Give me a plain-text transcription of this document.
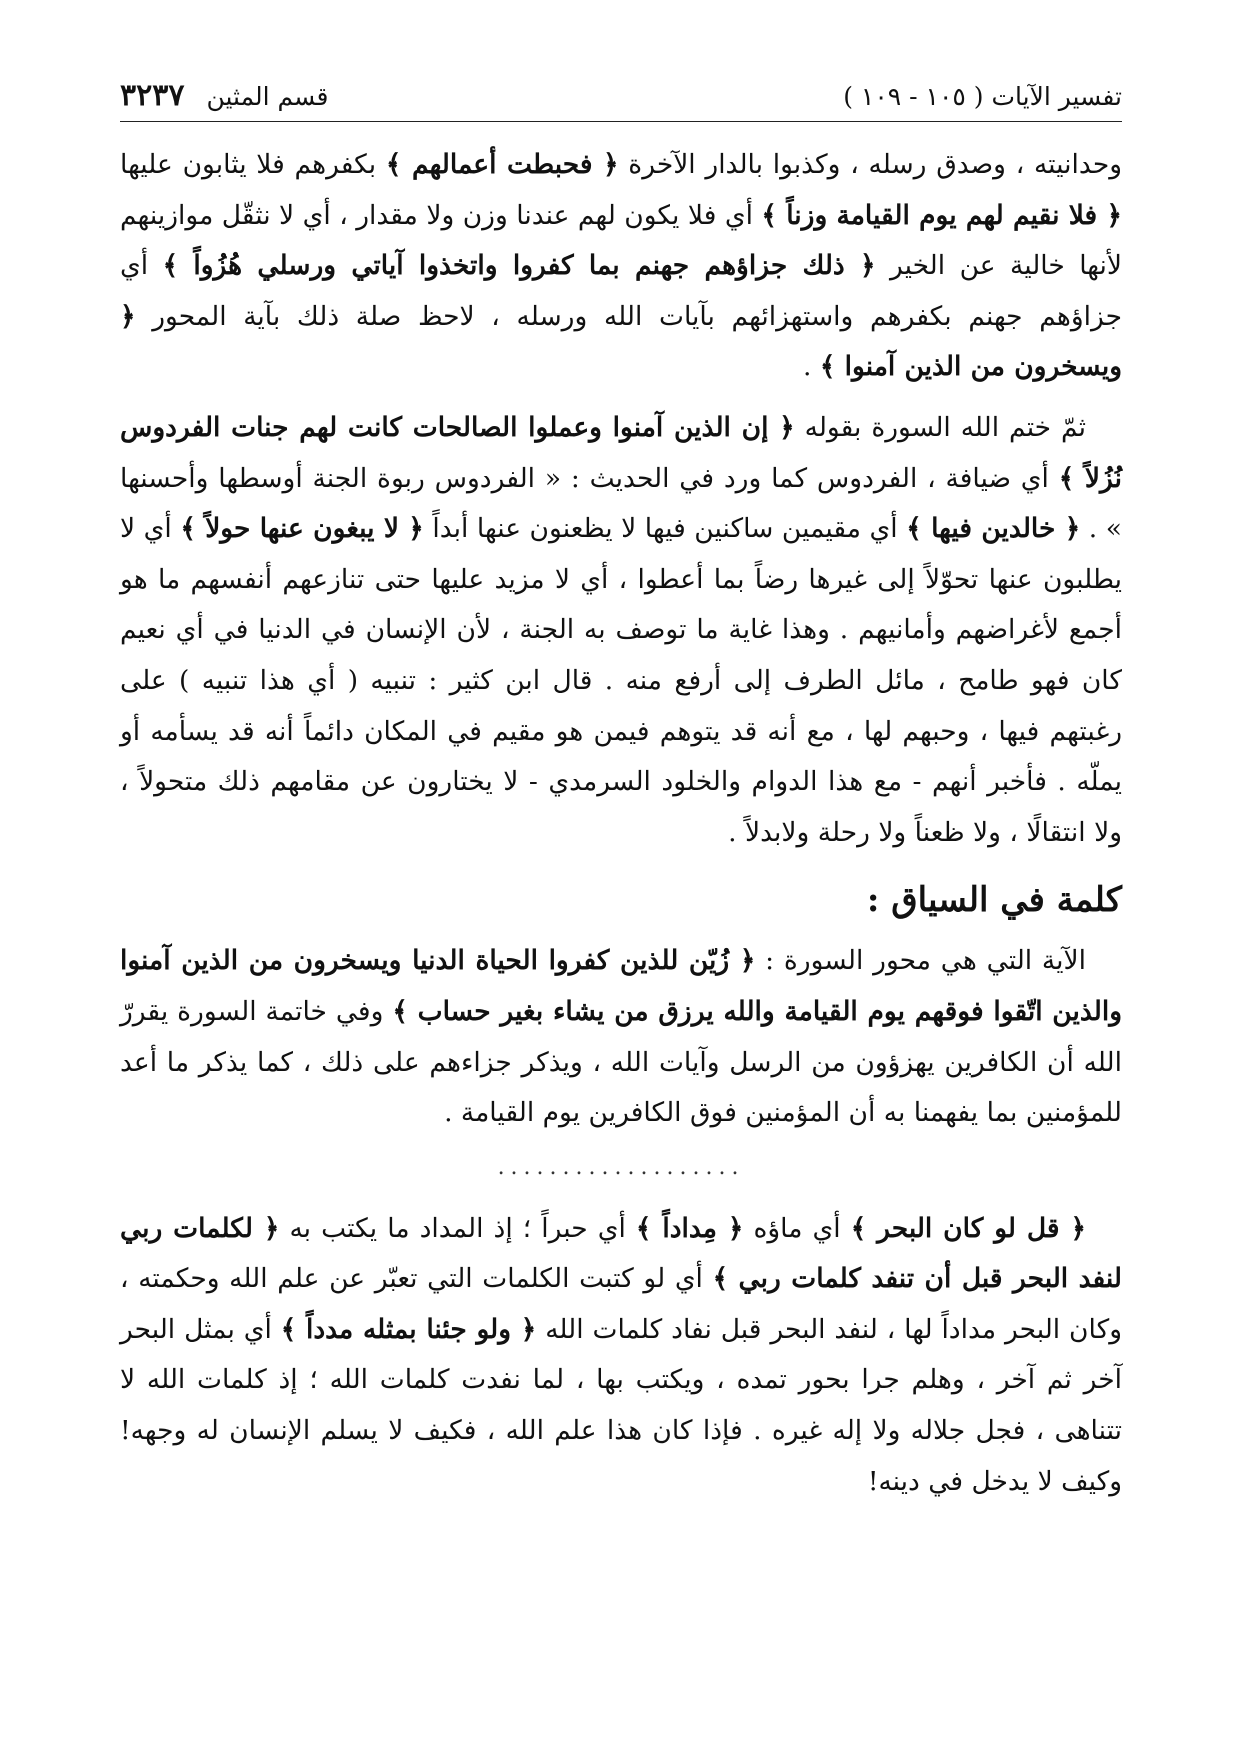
تفسير الآيات ( ١٠٥ - ١٠٩ )
قسم المثين
٣٢٣٧

وحدانيته ، وصدق رسله ، وكذبوا بالدار الآخرة ﴿ فحبطت أعمالهم ﴾ بكفرهم فلا يثابون عليها ﴿ فلا نقيم لهم يوم القيامة وزناً ﴾ أي فلا يكون لهم عندنا وزن ولا مقدار ، أي لا نثقّل موازينهم لأنها خالية عن الخير ﴿ ذلك جزاؤهم جهنم بما كفروا واتخذوا آياتي ورسلي هُزُواً ﴾ أي جزاؤهم جهنم بكفرهم واستهزائهم بآيات الله ورسله ، لاحظ صلة ذلك بآية المحور ﴿ ويسخرون من الذين آمنوا ﴾ .

ثمّ ختم الله السورة بقوله ﴿ إن الذين آمنوا وعملوا الصالحات كانت لهم جنات الفردوس نُزُلاً ﴾ أي ضيافة ، الفردوس كما ورد في الحديث : « الفردوس ربوة الجنة أوسطها وأحسنها » . ﴿ خالدين فيها ﴾ أي مقيمين ساكنين فيها لا يظعنون عنها أبداً ﴿ لا يبغون عنها حولاً ﴾ أي لا يطلبون عنها تحوّلاً إلى غيرها رضاً بما أعطوا ، أي لا مزيد عليها حتى تنازعهم أنفسهم ما هو أجمع لأغراضهم وأمانيهم . وهذا غاية ما توصف به الجنة ، لأن الإنسان في الدنيا في أي نعيم كان فهو طامح ، مائل الطرف إلى أرفع منه . قال ابن كثير : تنبيه ( أي هذا تنبيه ) على رغبتهم فيها ، وحبهم لها ، مع أنه قد يتوهم فيمن هو مقيم في المكان دائماً أنه قد يسأمه أو يملّه . فأخبر أنهم - مع هذا الدوام والخلود السرمدي - لا يختارون عن مقامهم ذلك متحولاً ، ولا انتقالًا ، ولا ظعناً ولا رحلة ولابدلاً .

كلمة في السياق :

الآية التي هي محور السورة : ﴿ زُيّن للذين كفروا الحياة الدنيا ويسخرون من الذين آمنوا والذين اتّقوا فوقهم يوم القيامة والله يرزق من يشاء بغير حساب ﴾ وفي خاتمة السورة يقررّ الله أن الكافرين يهزؤون من الرسل وآيات الله ، ويذكر جزاءهم على ذلك ، كما يذكر ما أعد للمؤمنين بما يفهمنا به أن المؤمنين فوق الكافرين يوم القيامة .

...................

﴿ قل لو كان البحر ﴾ أي ماؤه ﴿ مِداداً ﴾ أي حبراً ؛ إذ المداد ما يكتب به ﴿ لكلمات ربي لنفد البحر قبل أن تنفد كلمات ربي ﴾ أي لو كتبت الكلمات التي تعبّر عن علم الله وحكمته ، وكان البحر مداداً لها ، لنفد البحر قبل نفاد كلمات الله ﴿ ولو جئنا بمثله مدداً ﴾ أي بمثل البحر آخر ثم آخر ، وهلم جرا بحور تمده ، ويكتب بها ، لما نفدت كلمات الله ؛ إذ كلمات الله لا تتناهى ، فجل جلاله ولا إله غيره . فإذا كان هذا علم الله ، فكيف لا يسلم الإنسان له وجهه! وكيف لا يدخل في دينه!
